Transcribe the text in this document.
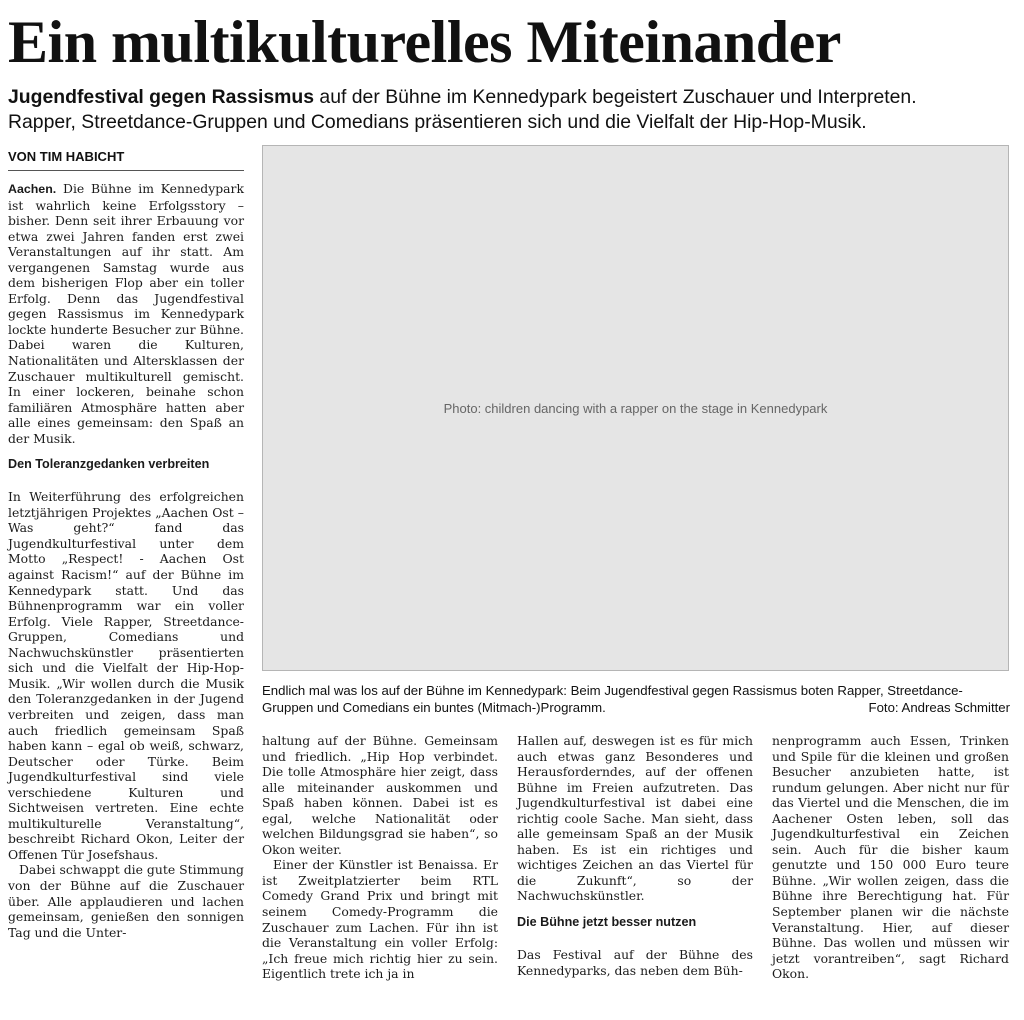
Ein multikulturelles Miteinander
Jugendfestival gegen Rassismus auf der Bühne im Kennedypark begeistert Zuschauer und Interpreten.
Rapper, Streetdance-Gruppen und Comedians präsentieren sich und die Vielfalt der Hip-Hop-Musik.
VON TIM HABICHT

Aachen. Die Bühne im Kennedypark ist wahrlich keine Erfolgsstory – bisher. Denn seit ihrer Erbauung vor etwa zwei Jahren fanden erst zwei Veranstaltungen auf ihr statt. Am vergangenen Samstag wurde aus dem bisherigen Flop aber ein toller Erfolg. Denn das Jugendfestival gegen Rassismus im Kennedypark lockte hunderte Besucher zur Bühne. Dabei waren die Kulturen, Nationalitäten und Altersklassen der Zuschauer multikulturell gemischt. In einer lockeren, beinahe schon familiären Atmosphäre hatten aber alle eines gemeinsam: den Spaß an der Musik.

Den Toleranzgedanken verbreiten

In Weiterführung des erfolgreichen letztjährigen Projektes „Aachen Ost – Was geht?“ fand das Jugendkulturfestival unter dem Motto „Respect! - Aachen Ost against Racism!“ auf der Bühne im Kennedypark statt. Und das Bühnenprogramm war ein voller Erfolg. Viele Rapper, Streetdance-Gruppen, Comedians und Nachwuchskünstler präsentierten sich und die Vielfalt der Hip-Hop-Musik. „Wir wollen durch die Musik den Toleranzgedanken in der Jugend verbreiten und zeigen, dass man auch friedlich gemeinsam Spaß haben kann – egal ob weiß, schwarz, Deutscher oder Türke. Beim Jugendkulturfestival sind viele verschiedene Kulturen und Sichtweisen vertreten. Eine echte multikulturelle Veranstaltung“, beschreibt Richard Okon, Leiter der Offenen Tür Josefshaus.

Dabei schwappt die gute Stimmung von der Bühne auf die Zuschauer über. Alle applaudieren und lachen gemeinsam, genießen den sonnigen Tag und die Unter-

Photo: children dancing with a rapper on the stage in Kennedypark
Endlich mal was los auf der Bühne im Kennedypark: Beim Jugendfestival gegen Rassismus boten Rapper, Streetdance-Gruppen und Comedians ein buntes (Mitmach-)Programm.	Foto: Andreas Schmitter

haltung auf der Bühne. Gemeinsam und friedlich. „Hip Hop verbindet. Die tolle Atmosphäre hier zeigt, dass alle miteinander auskommen und Spaß haben können. Dabei ist es egal, welche Nationalität oder welchen Bildungsgrad sie haben“, so Okon weiter.

Einer der Künstler ist Benaissa. Er ist Zweitplatzierter beim RTL Comedy Grand Prix und bringt mit seinem Comedy-Programm die Zuschauer zum Lachen. Für ihn ist die Veranstaltung ein voller Erfolg: „Ich freue mich richtig hier zu sein. Eigentlich trete ich ja in

Hallen auf, deswegen ist es für mich auch etwas ganz Besonderes und Herausforderndes, auf der offenen Bühne im Freien aufzutreten. Das Jugendkulturfestival ist dabei eine richtig coole Sache. Man sieht, dass alle gemeinsam Spaß an der Musik haben. Es ist ein richtiges und wichtiges Zeichen an das Viertel für die Zukunft“, so der Nachwuchskünstler.

Die Bühne jetzt besser nutzen

Das Festival auf der Bühne des Kennedyparks, das neben dem Büh-

nenprogramm auch Essen, Trinken und Spile für die kleinen und großen Besucher anzubieten hatte, ist rundum gelungen. Aber nicht nur für das Viertel und die Menschen, die im Aachener Osten leben, soll das Jugendkulturfestival ein Zeichen sein. Auch für die bisher kaum genutzte und 150 000 Euro teure Bühne. „Wir wollen zeigen, dass die Bühne ihre Berechtigung hat. Für September planen wir die nächste Veranstaltung. Hier, auf dieser Bühne. Das wollen und müssen wir jetzt vorantreiben“, sagt Richard Okon.
